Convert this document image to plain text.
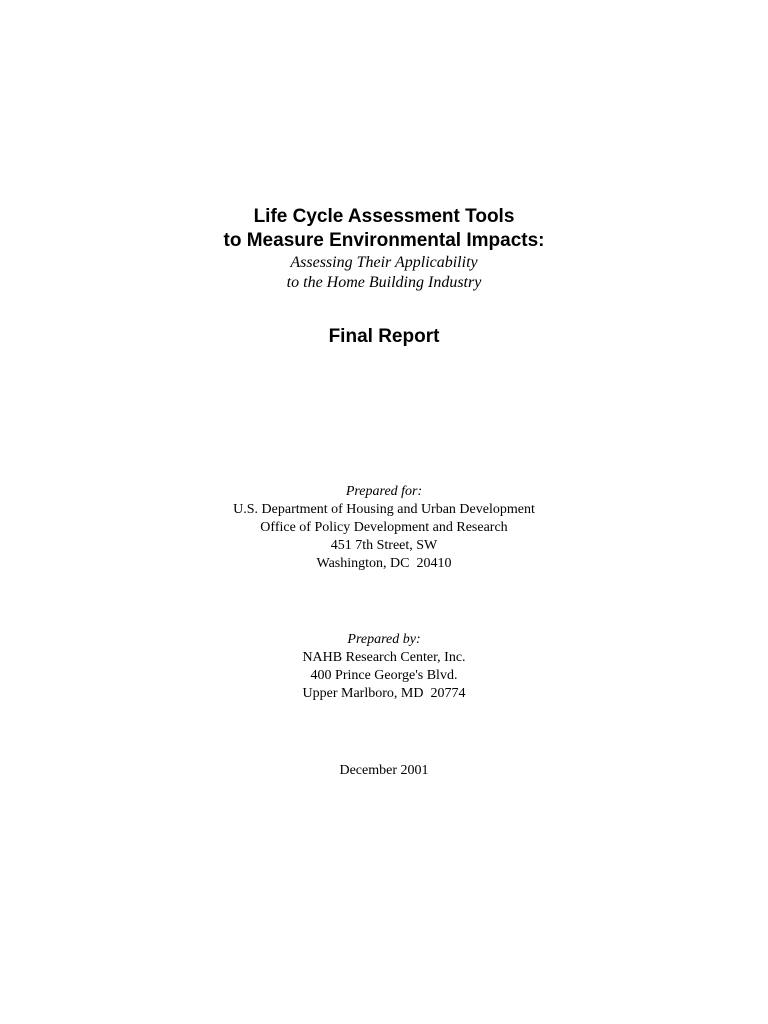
Life Cycle Assessment Tools
to Measure Environmental Impacts:
Assessing Their Applicability
to the Home Building Industry
Final Report
Prepared for:
U.S. Department of Housing and Urban Development
Office of Policy Development and Research
451 7th Street, SW
Washington, DC  20410
Prepared by:
NAHB Research Center, Inc.
400 Prince George's Blvd.
Upper Marlboro, MD  20774
December 2001
